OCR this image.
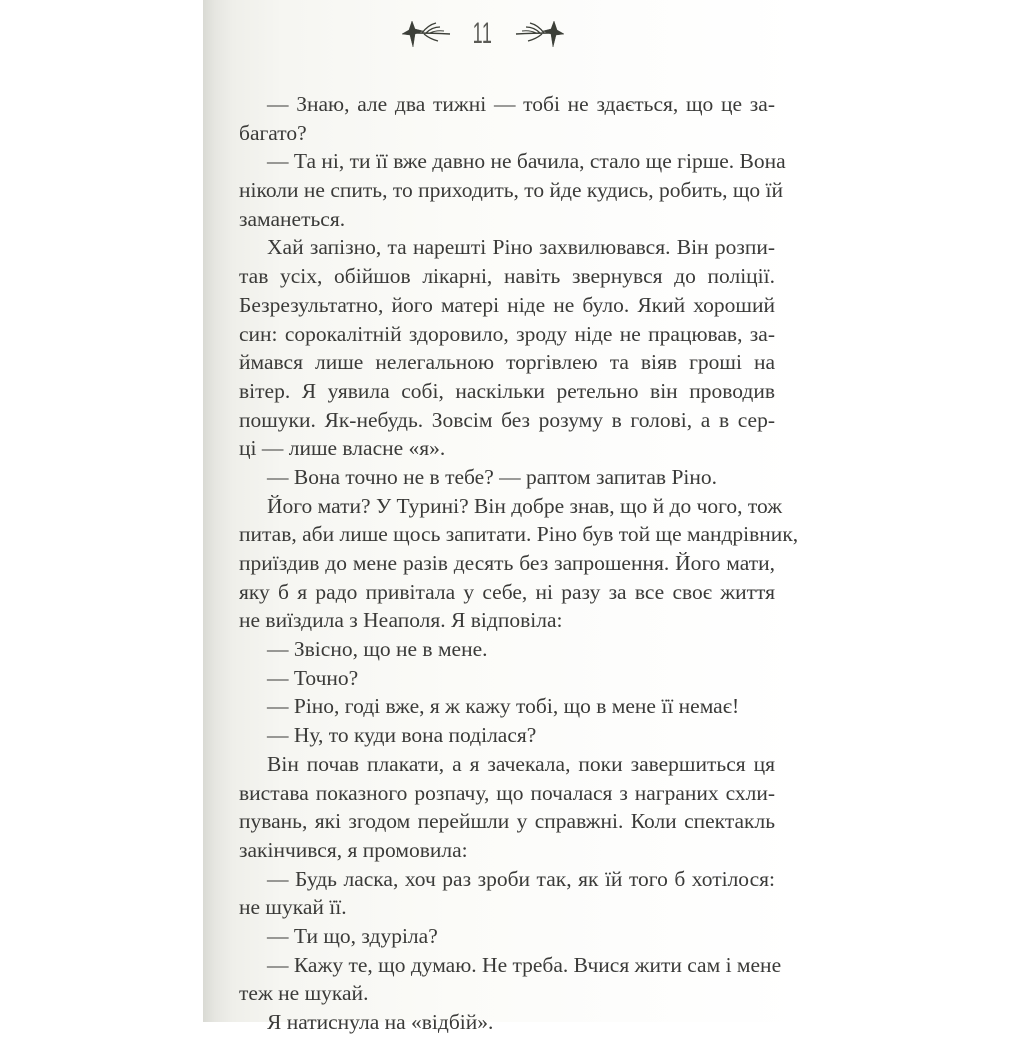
11
— Знаю, але два тижні — тобі не здається, що це за-
багато?
— Та ні, ти її вже давно не бачила, стало ще гірше. Вона
ніколи не спить, то приходить, то йде кудись, робить, що їй
заманеться.
Хай запізно, та нарешті Ріно захвилювався. Він розпи-
тав усіх, обійшов лікарні, навіть звернувся до поліції.
Безрезультатно, його матері ніде не було. Який хороший
син: сорокалітній здоровило, зроду ніде не працював, за-
ймався лише нелегальною торгівлею та віяв гроші на
вітер. Я уявила собі, наскільки ретельно він проводив
пошуки. Як-небудь. Зовсім без розуму в голові, а в сер-
ці — лише власне «я».
— Вона точно не в тебе? — раптом запитав Ріно.
Його мати? У Турині? Він добре знав, що й до чого, тож
питав, аби лише щось запитати. Ріно був той ще мандрівник,
приїздив до мене разів десять без запрошення. Його мати,
яку б я радо привітала у себе, ні разу за все своє життя
не виїздила з Неаполя. Я відповіла:
— Звісно, що не в мене.
— Точно?
— Ріно, годі вже, я ж кажу тобі, що в мене її немає!
— Ну, то куди вона поділася?
Він почав плакати, а я зачекала, поки завершиться ця
вистава показного розпачу, що почалася з награних схли-
пувань, які згодом перейшли у справжні. Коли спектакль
закінчився, я промовила:
— Будь ласка, хоч раз зроби так, як їй того б хотілося:
не шукай її.
— Ти що, здуріла?
— Кажу те, що думаю. Не треба. Вчися жити сам і мене
теж не шукай.
Я натиснула на «відбій».
